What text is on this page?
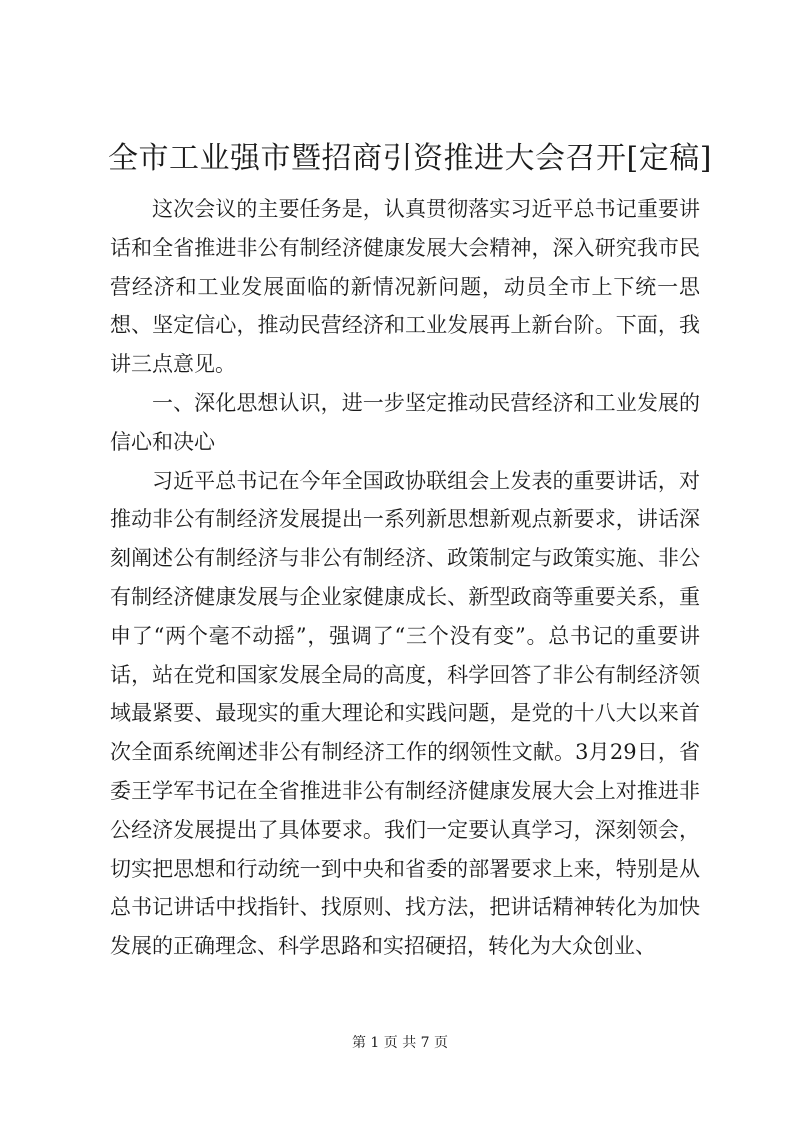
全市工业强市暨招商引资推进大会召开[定稿]

这次会议的主要任务是，认真贯彻落实习近平总书记重要讲话和全省推进非公有制经济健康发展大会精神，深入研究我市民营经济和工业发展面临的新情况新问题，动员全市上下统一思想、坚定信心，推动民营经济和工业发展再上新台阶。下面，我讲三点意见。

一、深化思想认识，进一步坚定推动民营经济和工业发展的信心和决心

习近平总书记在今年全国政协联组会上发表的重要讲话，对推动非公有制经济发展提出一系列新思想新观点新要求，讲话深刻阐述公有制经济与非公有制经济、政策制定与政策实施、非公有制经济健康发展与企业家健康成长、新型政商等重要关系，重申了“两个毫不动摇”，强调了“三个没有变”。总书记的重要讲话，站在党和国家发展全局的高度，科学回答了非公有制经济领域最紧要、最现实的重大理论和实践问题，是党的十八大以来首次全面系统阐述非公有制经济工作的纲领性文献。3月29日，省委王学军书记在全省推进非公有制经济健康发展大会上对推进非公经济发展提出了具体要求。我们一定要认真学习，深刻领会，切实把思想和行动统一到中央和省委的部署要求上来，特别是从总书记讲话中找指针、找原则、找方法，把讲话精神转化为加快发展的正确理念、科学思路和实招硬招，转化为大众创业、

第 1 页 共 7 页
